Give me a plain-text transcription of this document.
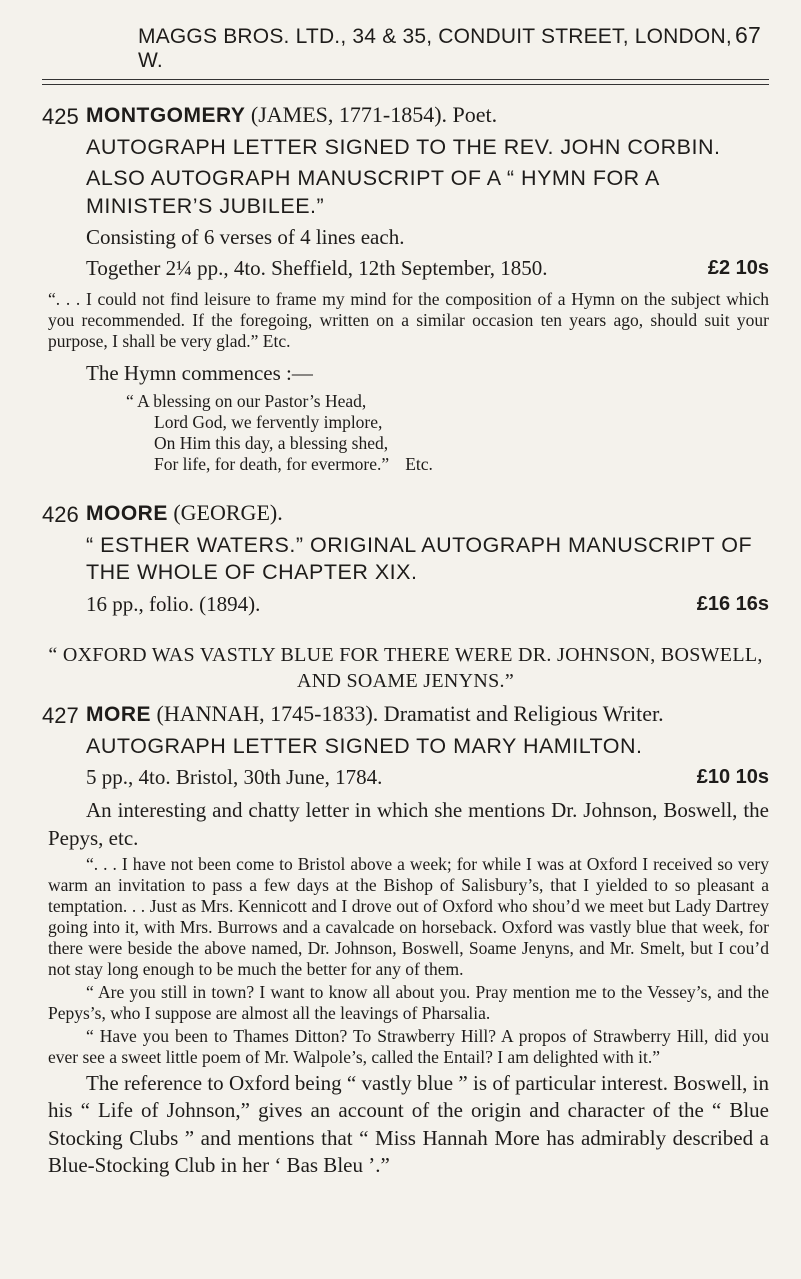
MAGGS BROS. LTD., 34 & 35, CONDUIT STREET, LONDON, W.
67
425 MONTGOMERY (JAMES, 1771-1854). Poet.

AUTOGRAPH LETTER SIGNED TO THE REV. JOHN CORBIN.

ALSO AUTOGRAPH MANUSCRIPT OF A “ HYMN FOR A MINISTER’S JUBILEE.”

Consisting of 6 verses of 4 lines each.

Together 2¼ pp., 4to. Sheffield, 12th September, 1850.	£2 10s

“. . . I could not find leisure to frame my mind for the composition of a Hymn on the subject which you recommended. If the foregoing, written on a similar occasion ten years ago, should suit your purpose, I shall be very glad.” Etc.

The Hymn commences :—

“ A blessing on our Pastor’s Head,
Lord God, we fervently implore,
On Him this day, a blessing shed,
For life, for death, for evermore.” Etc.
426 MOORE (GEORGE).

“ ESTHER WATERS.” ORIGINAL AUTOGRAPH MANUSCRIPT OF THE WHOLE OF CHAPTER XIX.

16 pp., folio. (1894).	£16 16s

“ OXFORD WAS VASTLY BLUE FOR THERE WERE DR. JOHNSON, BOSWELL, AND SOAME JENYNS.”

427 MORE (HANNAH, 1745-1833). Dramatist and Religious Writer.

AUTOGRAPH LETTER SIGNED TO MARY HAMILTON.

5 pp., 4to. Bristol, 30th June, 1784.	£10 10s

An interesting and chatty letter in which she mentions Dr. Johnson, Boswell, the Pepys, etc.

“. . . I have not been come to Bristol above a week; for while I was at Oxford I received so very warm an invitation to pass a few days at the Bishop of Salisbury’s, that I yielded to so pleasant a temptation. . . Just as Mrs. Kennicott and I drove out of Oxford who shou’d we meet but Lady Dartrey going into it, with Mrs. Burrows and a cavalcade on horseback. Oxford was vastly blue that week, for there were beside the above named, Dr. Johnson, Boswell, Soame Jenyns, and Mr. Smelt, but I cou’d not stay long enough to be much the better for any of them.

“ Are you still in town? I want to know all about you. Pray mention me to the Vessey’s, and the Pepys’s, who I suppose are almost all the leavings of Pharsalia.

“ Have you been to Thames Ditton? To Strawberry Hill? A propos of Strawberry Hill, did you ever see a sweet little poem of Mr. Walpole’s, called the Entail? I am delighted with it.”

The reference to Oxford being “ vastly blue ” is of particular interest. Boswell, in his “ Life of Johnson,” gives an account of the origin and character of the “ Blue Stocking Clubs ” and mentions that “ Miss Hannah More has admirably described a Blue-Stocking Club in her ‘ Bas Bleu ’.”
